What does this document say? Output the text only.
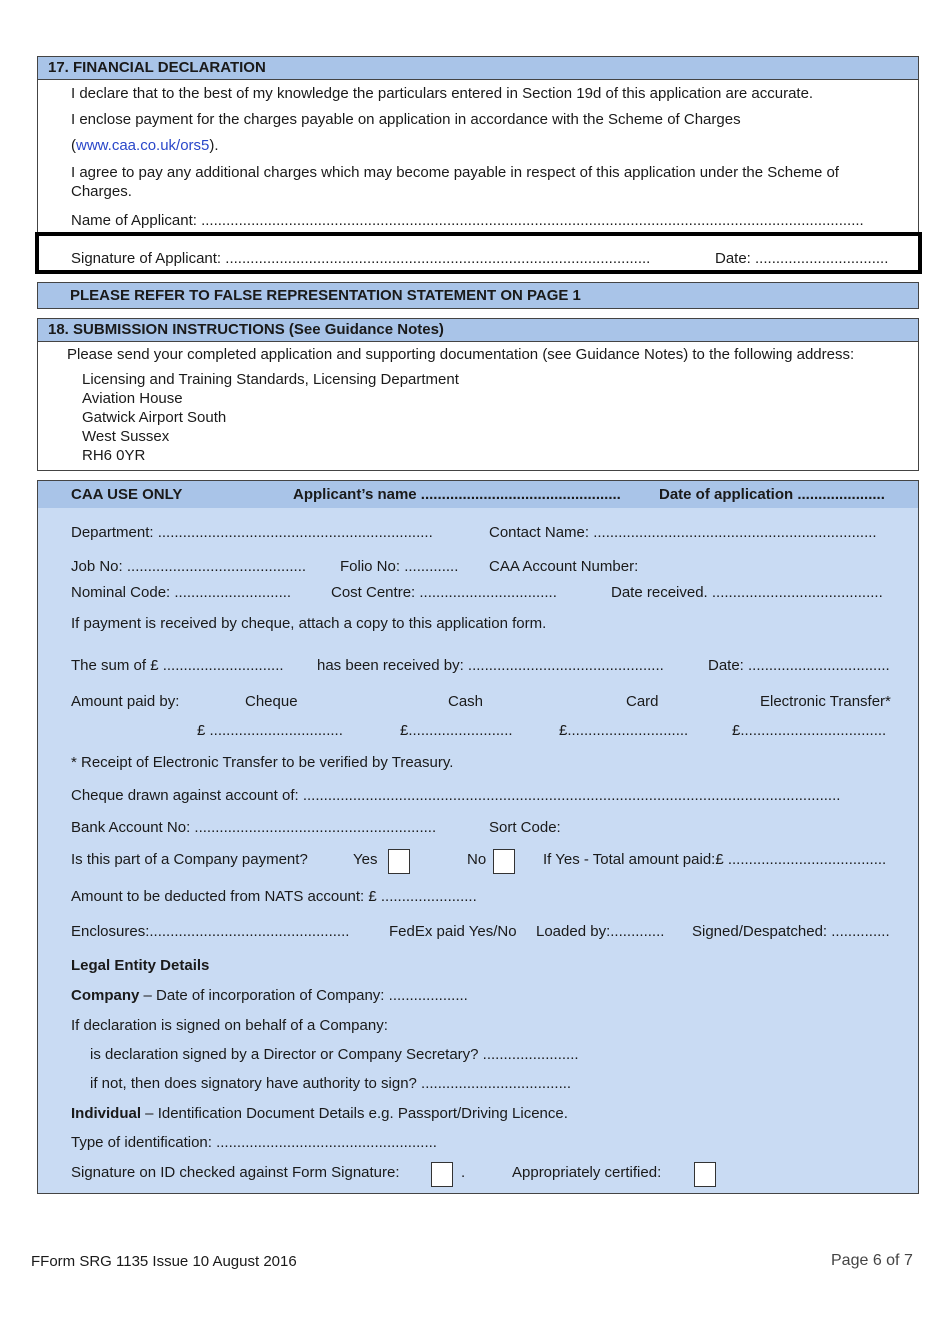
17. FINANCIAL DECLARATION
I declare that to the best of my knowledge the particulars entered in Section 19d of this application are accurate.
I enclose payment for the charges payable on application in accordance with the Scheme of Charges
(www.caa.co.uk/ors5).
I agree to pay any additional charges which may become payable in respect of this application under the Scheme of
Charges.
Name of Applicant: ...............................................................................................................................................................
Signature of Applicant: ......................................................................................................	Date: ................................
PLEASE REFER TO FALSE REPRESENTATION STATEMENT ON PAGE 1
18. SUBMISSION INSTRUCTIONS (See Guidance Notes)
Please send your completed application and supporting documentation (see Guidance Notes) to the following address:
Licensing and Training Standards, Licensing Department
Aviation House
Gatwick Airport South
West Sussex
RH6 0YR
CAA USE ONLY	Applicant’s name ................................................	Date of application .....................
Department: ..................................................................	Contact Name: ....................................................................
Job No: ........................................... Folio No: ............. CAA Account Number:
Nominal Code: ............................	Cost Centre: .................................	Date received. .........................................
If payment is received by cheque, attach a copy to this application form.
The sum of £ ............................. has been received by: ...............................................	Date: ..................................
Amount paid by:	Cheque	Cash	Card	Electronic Transfer*
£ ................................	£.........................	£.............................	£...................................
* Receipt of Electronic Transfer to be verified by Treasury.
Cheque drawn against account of: .................................................................................................................................
Bank Account No: ..........................................................	Sort Code:
Is this part of a Company payment?	Yes	No	If Yes - Total amount paid:£ ......................................
Amount to be deducted from NATS account: £ .......................
Enclosures:................................................	FedEx paid Yes/No Loaded by:............. Signed/Despatched: ..............
Legal Entity Details
Company – Date of incorporation of Company: ...................
If declaration is signed on behalf of a Company:
is declaration signed by a Director or Company Secretary? .......................
if not, then does signatory have authority to sign? ....................................
Individual – Identification Document Details e.g. Passport/Driving Licence.
Type of identification: .....................................................
Signature on ID checked against Form Signature:	.	Appropriately certified:
FForm SRG 1135 Issue 10 August 2016	Page 6 of 7
